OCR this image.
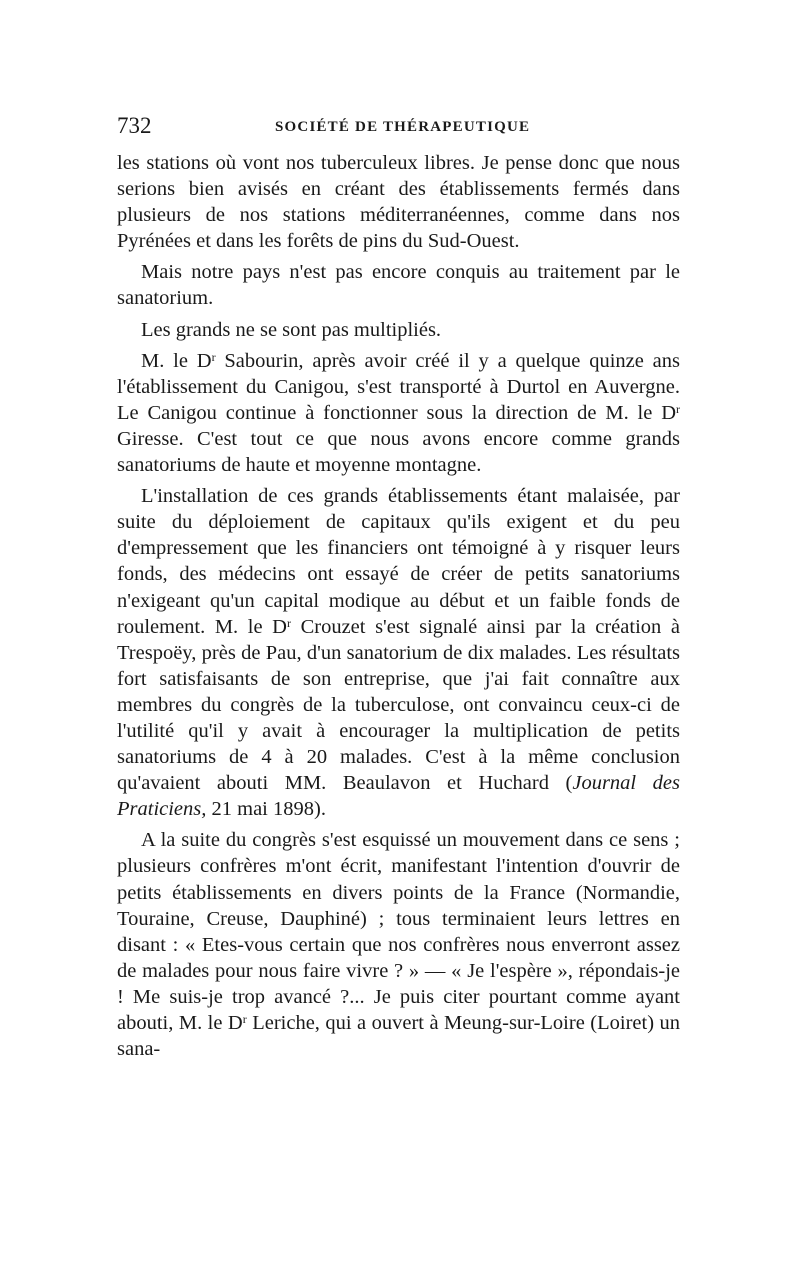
732	SOCIÉTÉ DE THÉRAPEUTIQUE

les stations où vont nos tuberculeux libres. Je pense donc que nous serions bien avisés en créant des établissements fermés dans plusieurs de nos stations méditerranéennes, comme dans nos Pyrénées et dans les forêts de pins du Sud-Ouest.

Mais notre pays n'est pas encore conquis au traitement par le sanatorium.

Les grands ne se sont pas multipliés.

M. le $D^r$ Sabourin, après avoir créé il y a quelque quinze ans l'établissement du Canigou, s'est transporté à Durtol en Auvergne. Le Canigou continue à fonctionner sous la direction de M. le $D^r$ Giresse. C'est tout ce que nous avons encore comme grands sanatoriums de haute et moyenne montagne.

L'installation de ces grands établissements étant malaisée, par suite du déploiement de capitaux qu'ils exigent et du peu d'empressement que les financiers ont témoigné à y risquer leurs fonds, des médecins ont essayé de créer de petits sanatoriums n'exigeant qu'un capital modique au début et un faible fonds de roulement. M. le $D^r$ Crouzet s'est signalé ainsi par la création à Trespoëy, près de Pau, d'un sanatorium de dix malades. Les résultats fort satisfaisants de son entreprise, que j'ai fait connaître aux membres du congrès de la tuberculose, ont convaincu ceux-ci de l'utilité qu'il y avait à encourager la multiplication de petits sanatoriums de 4 à 20 malades. C'est à la même conclusion qu'avaient abouti MM. Beaulavon et Huchard (Journal des Praticiens, 21 mai 1898).

A la suite du congrès s'est esquissé un mouvement dans ce sens ; plusieurs confrères m'ont écrit, manifestant l'intention d'ouvrir de petits établissements en divers points de la France (Normandie, Touraine, Creuse, Dauphiné) ; tous terminaient leurs lettres en disant : « Etes-vous certain que nos confrères nous enverront assez de malades pour nous faire vivre ? » — « Je l'espère », répondais-je ! Me suis-je trop avancé ?... Je puis citer pourtant comme ayant abouti, M. le $D^r$ Leriche, qui a ouvert à Meung-sur-Loire (Loiret) un sana-
